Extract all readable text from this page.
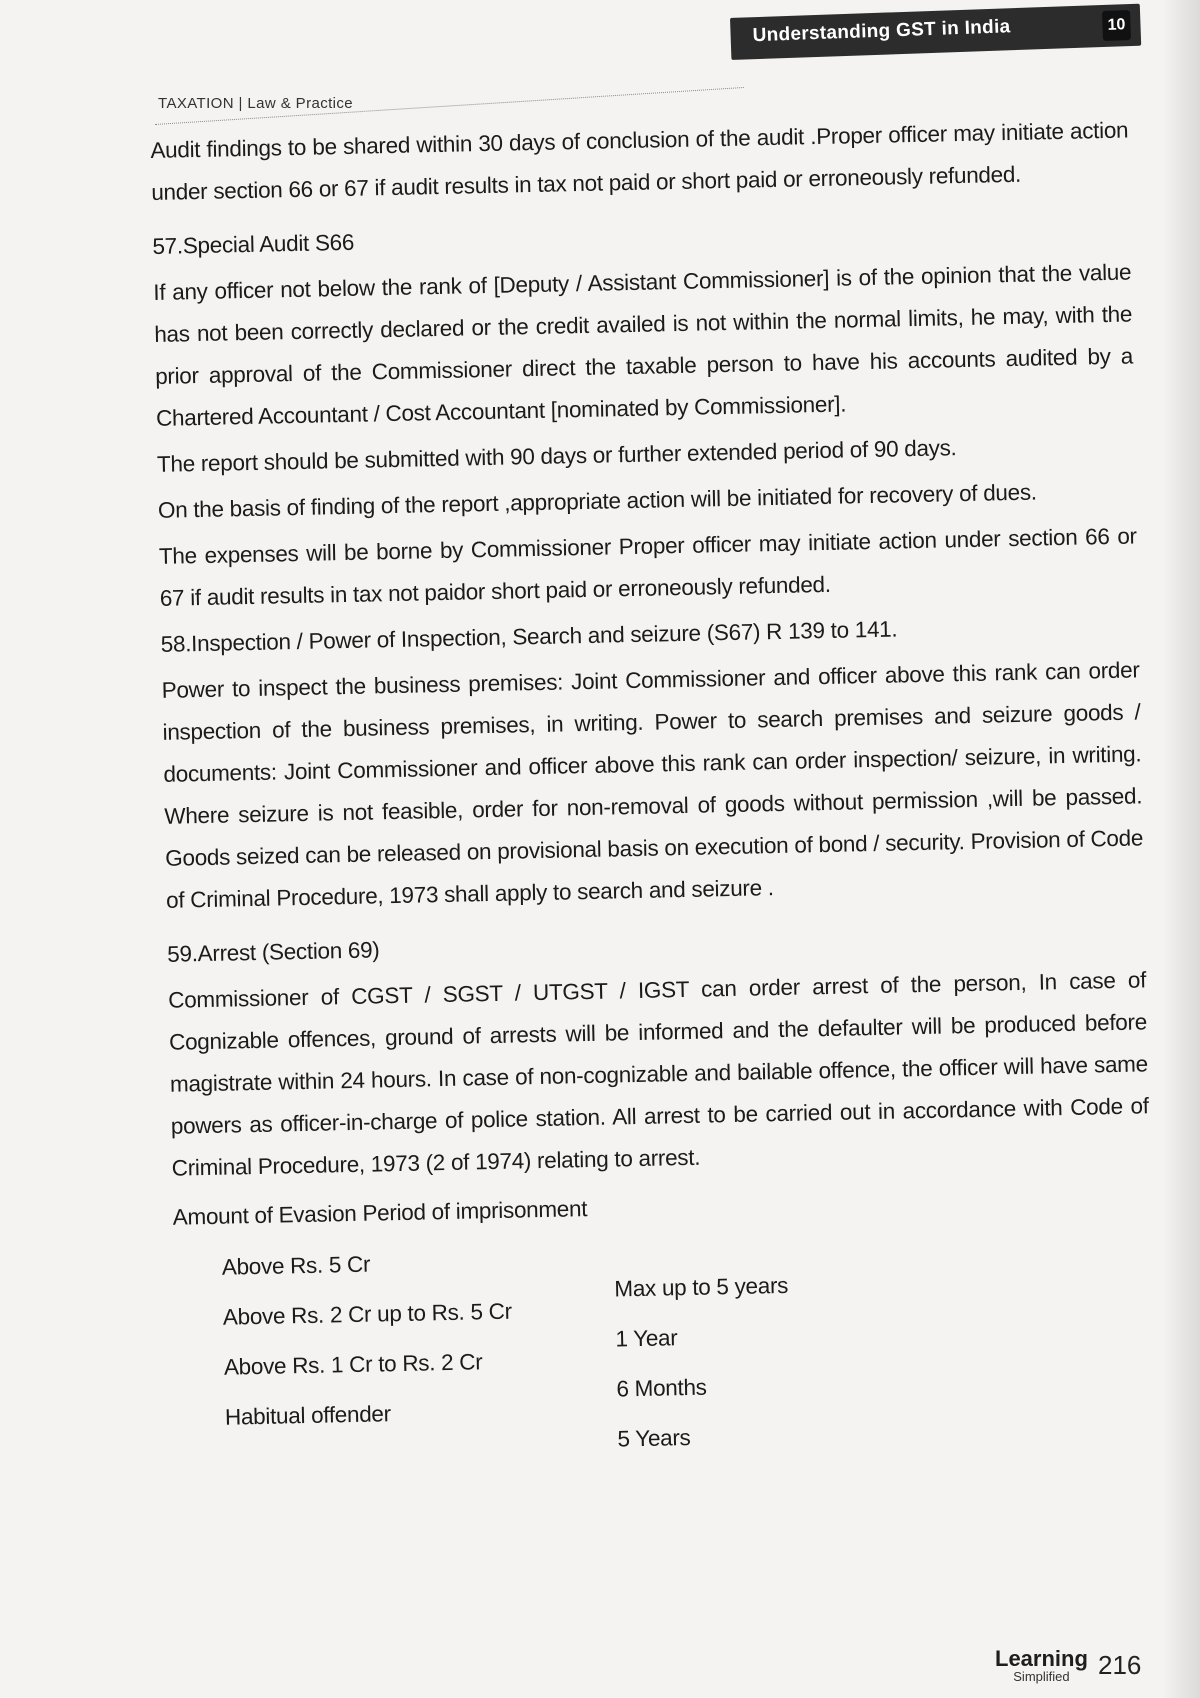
Understanding GST in India	10
TAXATION | Law & Practice

Audit findings to be shared within 30 days of conclusion of the audit .Proper officer may initiate action under section 66 or 67 if audit results in tax not paid or short paid or erroneously refunded.

57.Special Audit S66

If any officer not below the rank of [Deputy / Assistant Commissioner] is of the opinion that the value has not been correctly declared or the credit availed is not within the normal limits, he may, with the prior approval of the Commissioner direct the taxable person to have his accounts audited by a Chartered Accountant / Cost Accountant [nominated by Commissioner].

The report should be submitted with 90 days or further extended period of 90 days.

On the basis of finding of the report ,appropriate action will be initiated for recovery of dues.

The expenses will be borne by Commissioner Proper officer may initiate action under section 66 or 67 if audit results in tax not paidor short paid or erroneously refunded.

58.Inspection / Power of Inspection, Search and seizure (S67) R 139 to 141.

Power to inspect the business premises: Joint Commissioner and officer above this rank can order inspection of the business premises, in writing. Power to search premises and seizure goods / documents: Joint Commissioner and officer above this rank can order inspection/ seizure, in writing. Where seizure is not feasible, order for non-removal of goods without permission ,will be passed. Goods seized can be released on provisional basis on execution of bond / security. Provision of Code of Criminal Procedure, 1973 shall apply to search and seizure .

59.Arrest (Section 69)

Commissioner of CGST / SGST / UTGST / IGST can order arrest of the person, In case of Cognizable offences, ground of arrests will be informed and the defaulter will be produced before magistrate within 24 hours. In case of non-cognizable and bailable offence, the officer will have same powers as officer-in-charge of police station. All arrest to be carried out in accordance with Code of Criminal Procedure, 1973 (2 of 1974) relating to arrest.

Amount of Evasion Period of imprisonment
Above Rs. 5 Cr
Above Rs. 2 Cr up to Rs. 5 Cr
Above Rs. 1 Cr to Rs. 2 Cr
Habitual offender
Max up to 5 years
1 Year
6 Months
5 Years
Learning
Simplified	216
